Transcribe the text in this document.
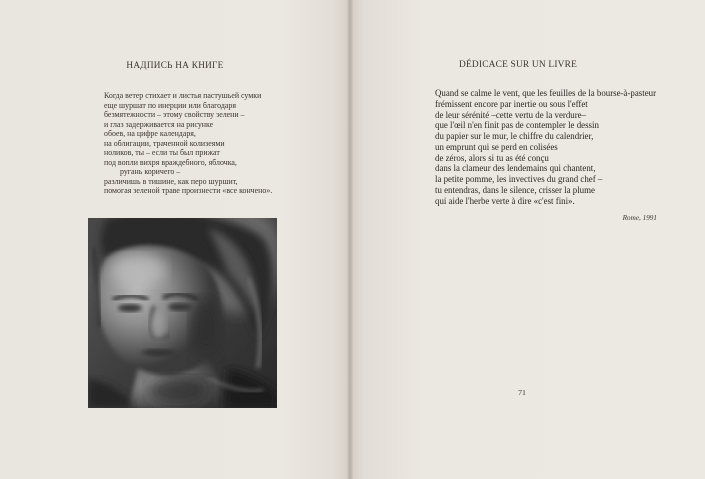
НАДПИСЬ НА КНИГЕ
Когда ветер стихает и листья пастушьей сумки
еще шуршат по инерции или благодаря
безмятежности – этому свойству зелени –
и глаз задерживается на рисунке
обоев, на цифре календаря,
на облигации, траченной колизеями
ноликов, ты – если ты был прижат
под вопли вихря враждебного, яблочка,
ругань коричего –
различишь в тишине, как перо шуршит,
помогая зеленой траве произнести «все кончено».
DÉDICACE SUR UN LIVRE
Quand se calme le vent, que les feuilles de la bourse-à-pasteur
frémissent encore par inertie ou sous l'effet
de leur sérénité –cette vertu de la verdure–
que l'œil n'en finit pas de contempler le dessin
du papier sur le mur, le chiffre du calendrier,
un emprunt qui se perd en colisées
de zéros, alors si tu as été conçu
dans la clameur des lendemains qui chantent,
la petite pomme, les invectives du grand chef –
tu entendras, dans le silence, crisser la plume
qui aide l'herbe verte à dire «c'est fini».
Rome, 1991
71
